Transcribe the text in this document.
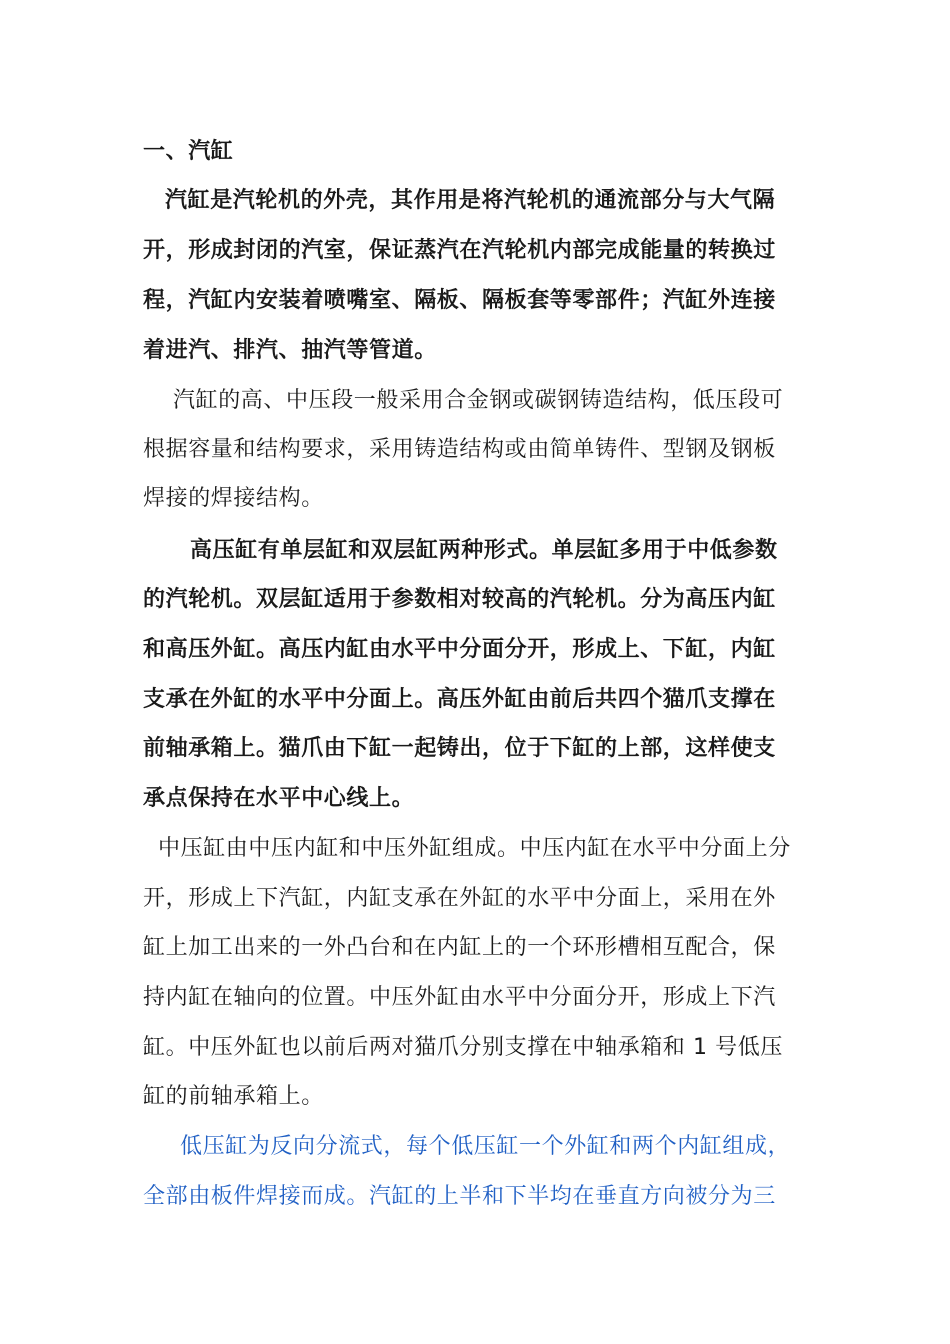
一、汽缸
汽缸是汽轮机的外壳，其作用是将汽轮机的通流部分与大气隔
开，形成封闭的汽室，保证蒸汽在汽轮机内部完成能量的转换过
程，汽缸内安装着喷嘴室、隔板、隔板套等零部件；汽缸外连接
着进汽、排汽、抽汽等管道。
汽缸的高、中压段一般采用合金钢或碳钢铸造结构，低压段可
根据容量和结构要求，采用铸造结构或由简单铸件、型钢及钢板
焊接的焊接结构。
高压缸有单层缸和双层缸两种形式。单层缸多用于中低参数
的汽轮机。双层缸适用于参数相对较高的汽轮机。分为高压内缸
和高压外缸。高压内缸由水平中分面分开，形成上、下缸，内缸
支承在外缸的水平中分面上。高压外缸由前后共四个猫爪支撑在
前轴承箱上。猫爪由下缸一起铸出，位于下缸的上部，这样使支
承点保持在水平中心线上。
中压缸由中压内缸和中压外缸组成。中压内缸在水平中分面上分
开，形成上下汽缸，内缸支承在外缸的水平中分面上，采用在外
缸上加工出来的一外凸台和在内缸上的一个环形槽相互配合，保
持内缸在轴向的位置。中压外缸由水平中分面分开，形成上下汽
缸。中压外缸也以前后两对猫爪分别支撑在中轴承箱和 1 号低压
缸的前轴承箱上。
低压缸为反向分流式，每个低压缸一个外缸和两个内缸组成，
全部由板件焊接而成。汽缸的上半和下半均在垂直方向被分为三
